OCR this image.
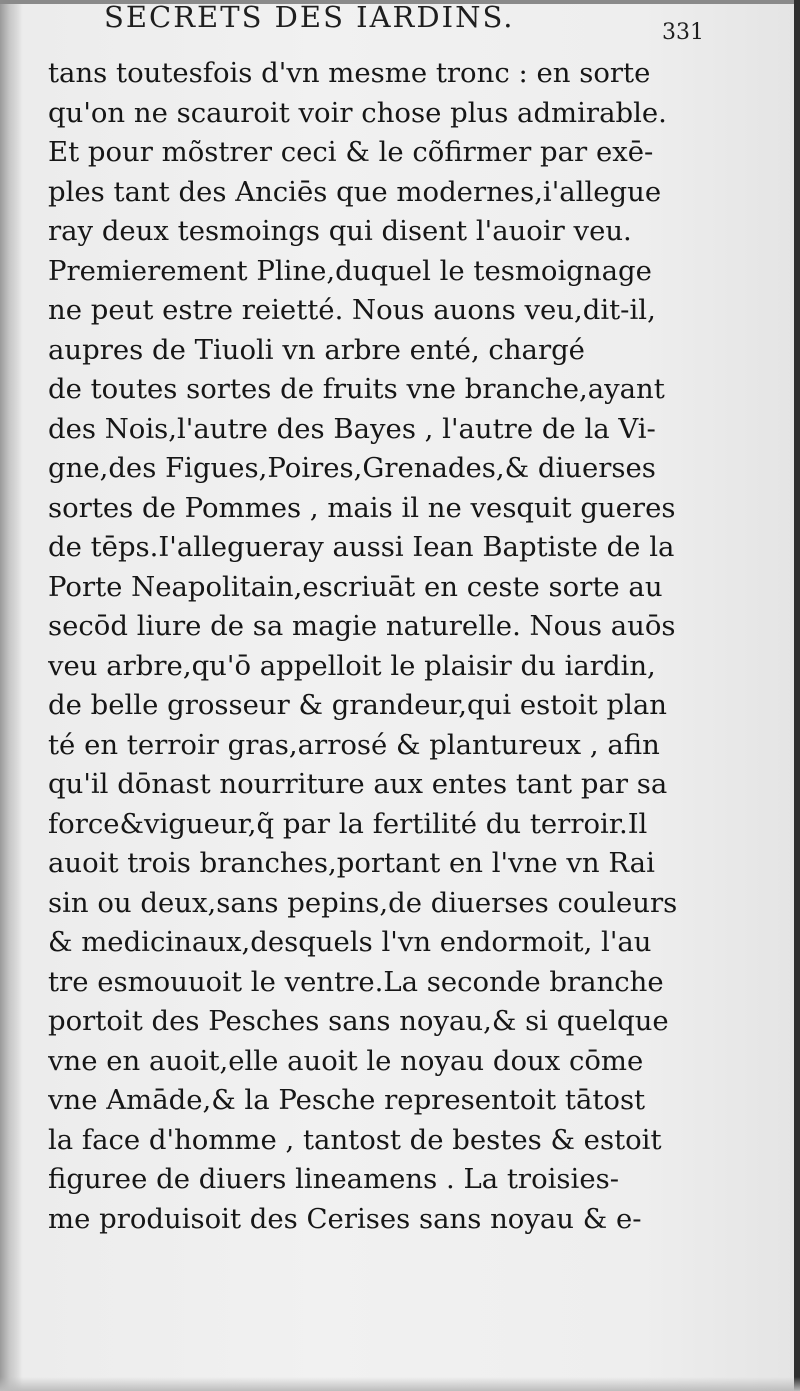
SECRETS DES IARDINS.	331
tans toutesfois d'vn mesme tronc : en sorte
qu'on ne scauroit voir chose plus admirable.
Et pour mõstrer ceci & le cõfirmer par exē-
ples tant des Anciēs que modernes,i'allegue
ray deux tesmoings qui disent l'auoir veu.
Premierement Pline,duquel le tesmoignage
ne peut estre reietté. Nous auons veu,dit-il,
aupres de Tiuoli vn arbre enté, chargé
de toutes sortes de fruits vne branche,ayant
des Nois,l'autre des Bayes , l'autre de la Vi-
gne,des Figues,Poires,Grenades,& diuerses
sortes de Pommes , mais il ne vesquit gueres
de tēps.I'allegueray aussi Iean Baptiste de la
Porte Neapolitain,escriuāt en ceste sorte au
secōd liure de sa magie naturelle. Nous auōs
veu arbre,qu'ō appelloit le plaisir du iardin,
de belle grosseur & grandeur,qui estoit plan
té en terroir gras,arrosé & plantureux , afin
qu'il dōnast nourriture aux entes tant par sa
force&vigueur,q̃ par la fertilité du terroir.Il
auoit trois branches,portant en l'vne vn Rai
sin ou deux,sans pepins,de diuerses couleurs
& medicinaux,desquels l'vn endormoit, l'au
tre esmouuoit le ventre.La seconde branche
portoit des Pesches sans noyau,& si quelque
vne en auoit,elle auoit le noyau doux cōme
vne Amāde,& la Pesche representoit tātost
la face d'homme , tantost de bestes & estoit
figuree de diuers lineamens . La troisies-
me produisoit des Cerises sans noyau & e-
